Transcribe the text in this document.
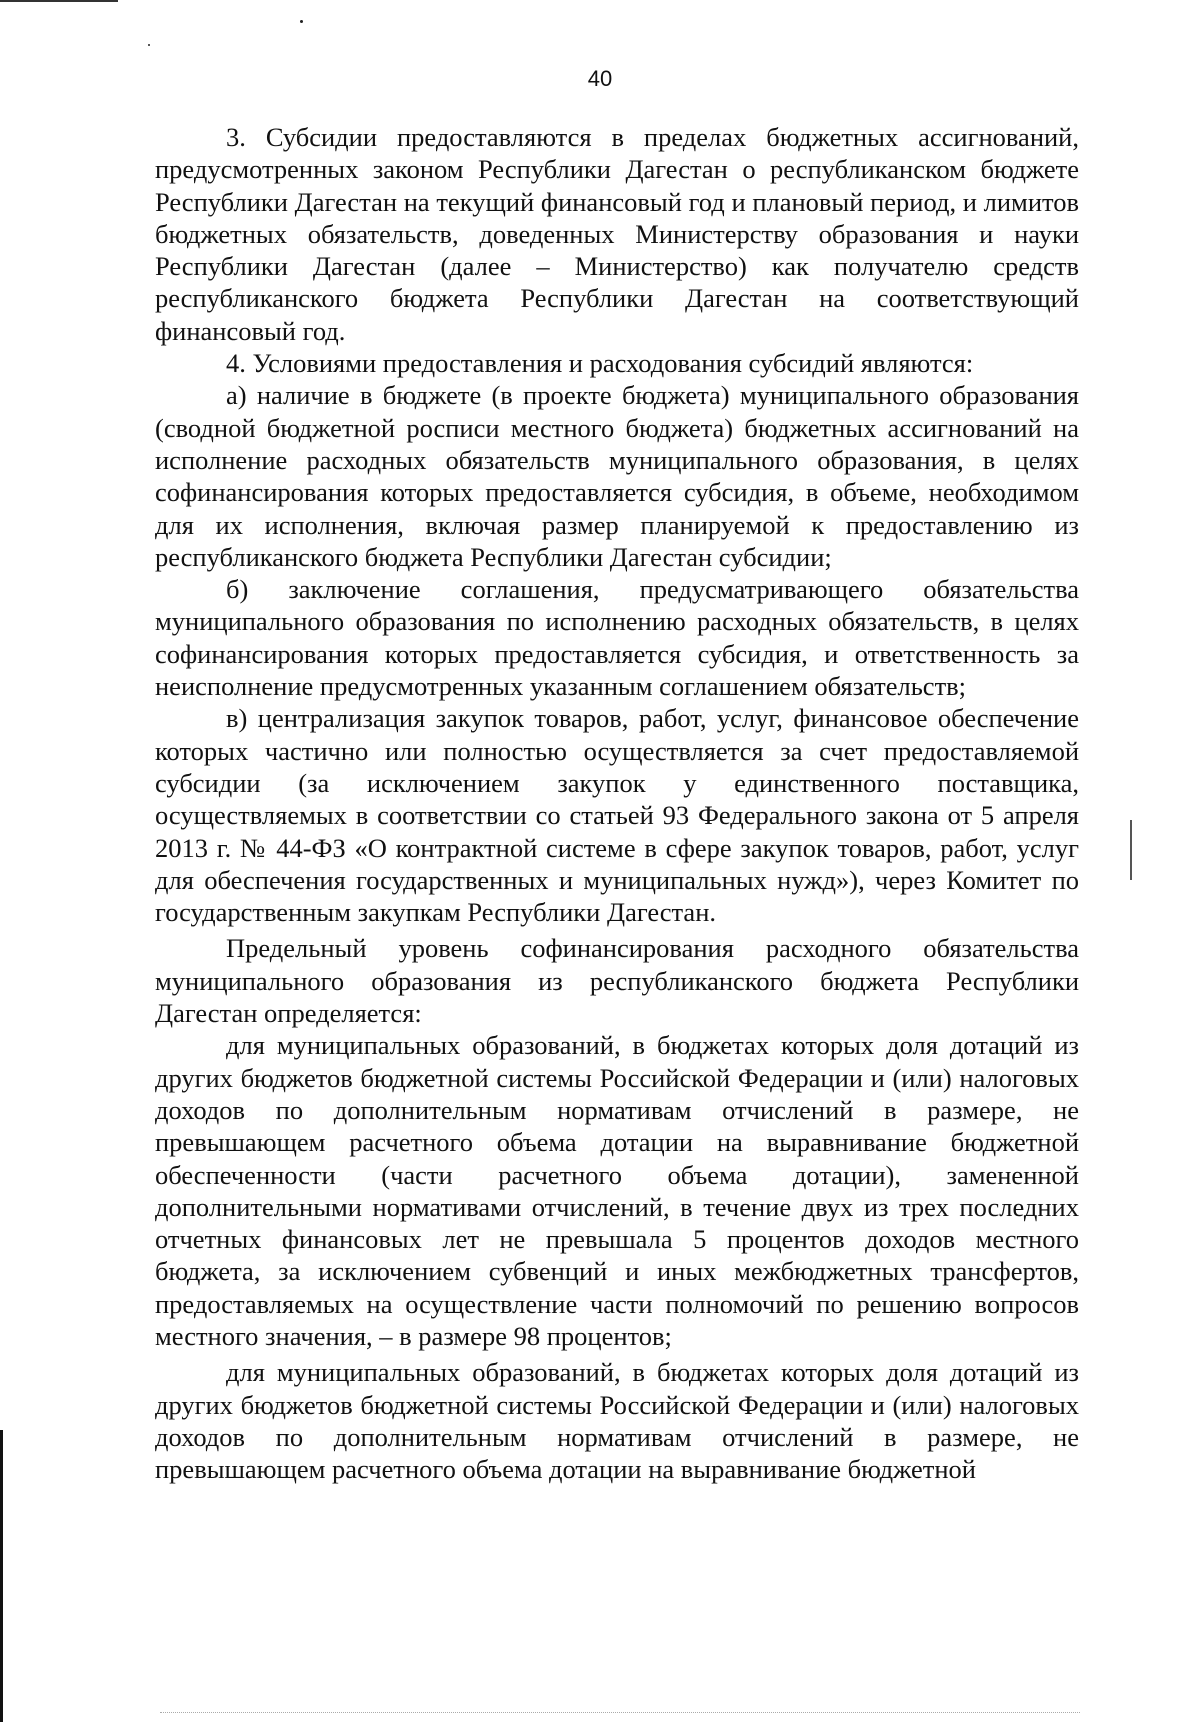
40

3. Субсидии предоставляются в пределах бюджетных ассигнований, предусмотренных законом Республики Дагестан о республиканском бюджете Республики Дагестан на текущий финансовый год и плановый период, и лимитов бюджетных обязательств, доведенных Министерству образования и науки Республики Дагестан (далее – Министерство) как получателю средств республиканского бюджета Республики Дагестан на соответствующий финансовый год.

4. Условиями предоставления и расходования субсидий являются:

а) наличие в бюджете (в проекте бюджета) муниципального образования (сводной бюджетной росписи местного бюджета) бюджетных ассигнований на исполнение расходных обязательств муниципального образования, в целях софинансирования которых предоставляется субсидия, в объеме, необходимом для их исполнения, включая размер планируемой к предоставлению из республиканского бюджета Республики Дагестан субсидии;

б) заключение соглашения, предусматривающего обязательства муниципального образования по исполнению расходных обязательств, в целях софинансирования которых предоставляется субсидия, и ответственность за неисполнение предусмотренных указанным соглашением обязательств;

в) централизация закупок товаров, работ, услуг, финансовое обеспечение которых частично или полностью осуществляется за счет предоставляемой субсидии (за исключением закупок у единственного поставщика, осуществляемых в соответствии со статьей 93 Федерального закона от 5 апреля 2013 г. № 44-ФЗ «О контрактной системе в сфере закупок товаров, работ, услуг для обеспечения государственных и муниципальных нужд»), через Комитет по государственным закупкам Республики Дагестан.

Предельный уровень софинансирования расходного обязательства муниципального образования из республиканского бюджета Республики Дагестан определяется:

для муниципальных образований, в бюджетах которых доля дотаций из других бюджетов бюджетной системы Российской Федерации и (или) налоговых доходов по дополнительным нормативам отчислений в размере, не превышающем расчетного объема дотации на выравнивание бюджетной обеспеченности (части расчетного объема дотации), замененной дополнительными нормативами отчислений, в течение двух из трех последних отчетных финансовых лет не превышала 5 процентов доходов местного бюджета, за исключением субвенций и иных межбюджетных трансфертов, предоставляемых на осуществление части полномочий по решению вопросов местного значения, – в размере 98 процентов;

для муниципальных образований, в бюджетах которых доля дотаций из других бюджетов бюджетной системы Российской Федерации и (или) налоговых доходов по дополнительным нормативам отчислений в размере, не превышающем расчетного объема дотации на выравнивание бюджетной
